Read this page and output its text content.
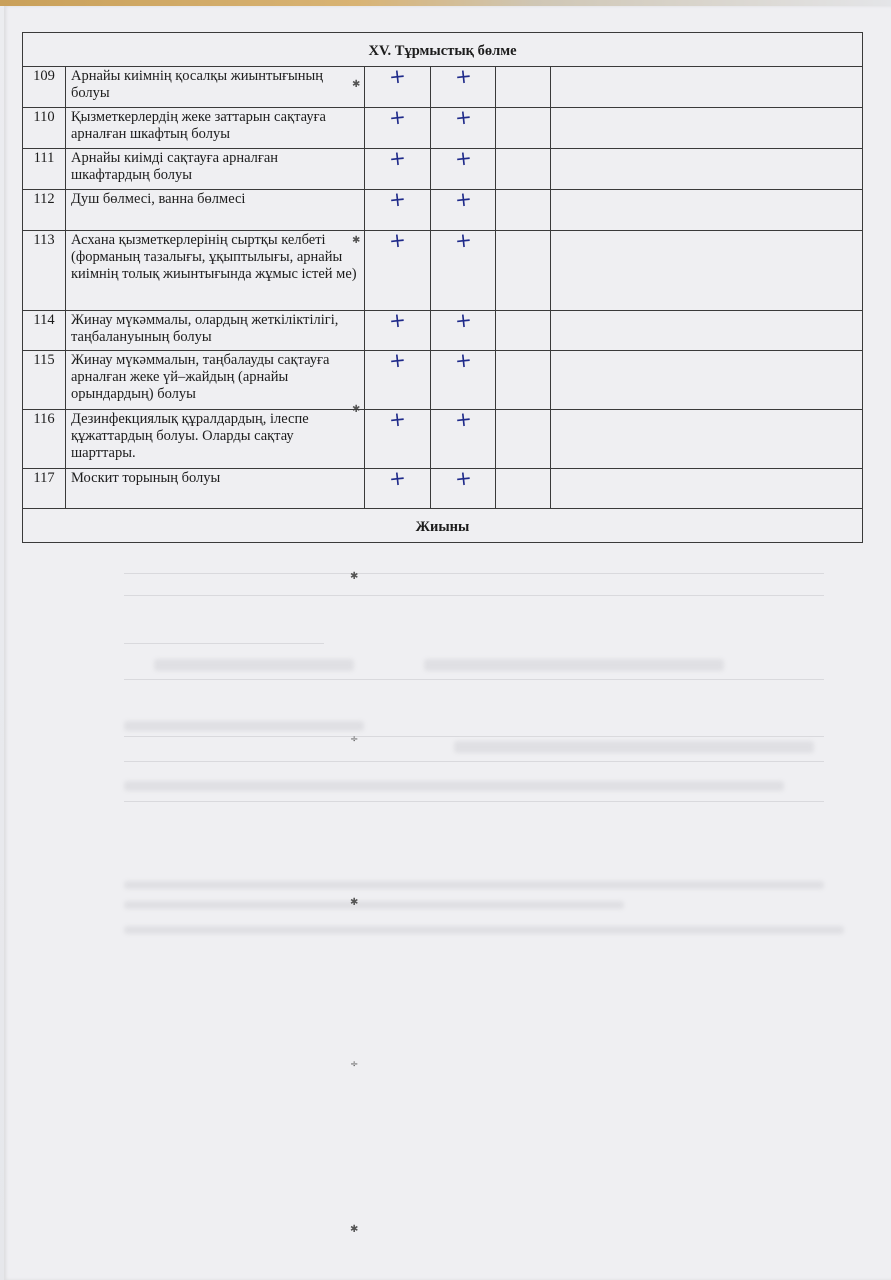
✱
✱
✱
✱
÷
✱
÷
✱
XV. Тұрмыстық бөлме					
109	Арнайы киімнің қосалқы жиынтығының болуы	+	+		
110	Қызметкерлердің жеке заттарын сақтауға арналған шкафтың болуы	+	+		
111	Арнайы киімді сақтауға арналған шкафтардың болуы	+	+		
112	Душ бөлмесі, ванна бөлмесі	+	+		
113	Асхана қызметкерлерінің сыртқы келбеті (форманың тазалығы, ұқыптылығы, арнайы киімнің толық жиынтығында жұмыс істей ме)	+	+		
114	Жинау мүкәммалы, олардың жеткіліктілігі, таңбалануының болуы	+	+		
115	Жинау мүкәммалын, таңбалауды сақтауға арналған жеке үй–жайдың (арнайы орындардың) болуы	+	+		
116	Дезинфекциялық құралдардың, ілеспе құжаттардың болуы. Оларды сақтау шарттары.	+	+		
117	Москит торының болуы	+	+		
Жиыны					
